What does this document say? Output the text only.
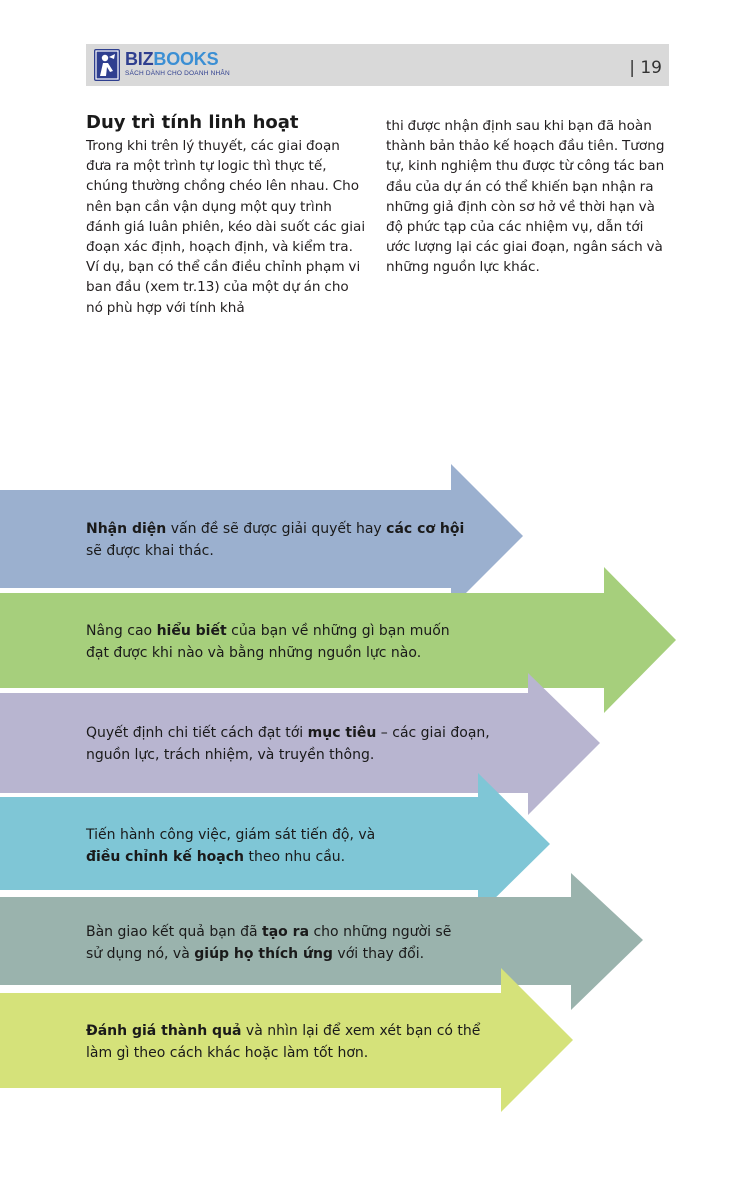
BIZBOOKS
SÁCH DÀNH CHO DOANH NHÂN	| 19
Duy trì tính linh hoạt

Trong khi trên lý thuyết, các giai đoạn đưa ra một trình tự logic thì thực tế, chúng thường chồng chéo lên nhau. Cho nên bạn cần vận dụng một quy trình đánh giá luân phiên, kéo dài suốt các giai đoạn xác định, hoạch định, và kiểm tra. Ví dụ, bạn có thể cần điều chỉnh phạm vi ban đầu (xem tr.13) của một dự án cho nó phù hợp với tính khả

thi được nhận định sau khi bạn đã hoàn thành bản thảo kế hoạch đầu tiên. Tương tự, kinh nghiệm thu được từ công tác ban đầu của dự án có thể khiến bạn nhận ra những giả định còn sơ hở về thời hạn và độ phức tạp của các nhiệm vụ, dẫn tới ước lượng lại các giai đoạn, ngân sách và những nguồn lực khác.

Nhận diện vấn đề sẽ được giải quyết hay các cơ hội
sẽ được khai thác.
Nâng cao hiểu biết của bạn về những gì bạn muốn
đạt được khi nào và bằng những nguồn lực nào.
Quyết định chi tiết cách đạt tới mục tiêu – các giai đoạn,
nguồn lực, trách nhiệm, và truyền thông.
Tiến hành công việc, giám sát tiến độ, và
điều chỉnh kế hoạch theo nhu cầu.
Bàn giao kết quả bạn đã tạo ra cho những người sẽ
sử dụng nó, và giúp họ thích ứng với thay đổi.
Đánh giá thành quả và nhìn lại để xem xét bạn có thể
làm gì theo cách khác hoặc làm tốt hơn.
